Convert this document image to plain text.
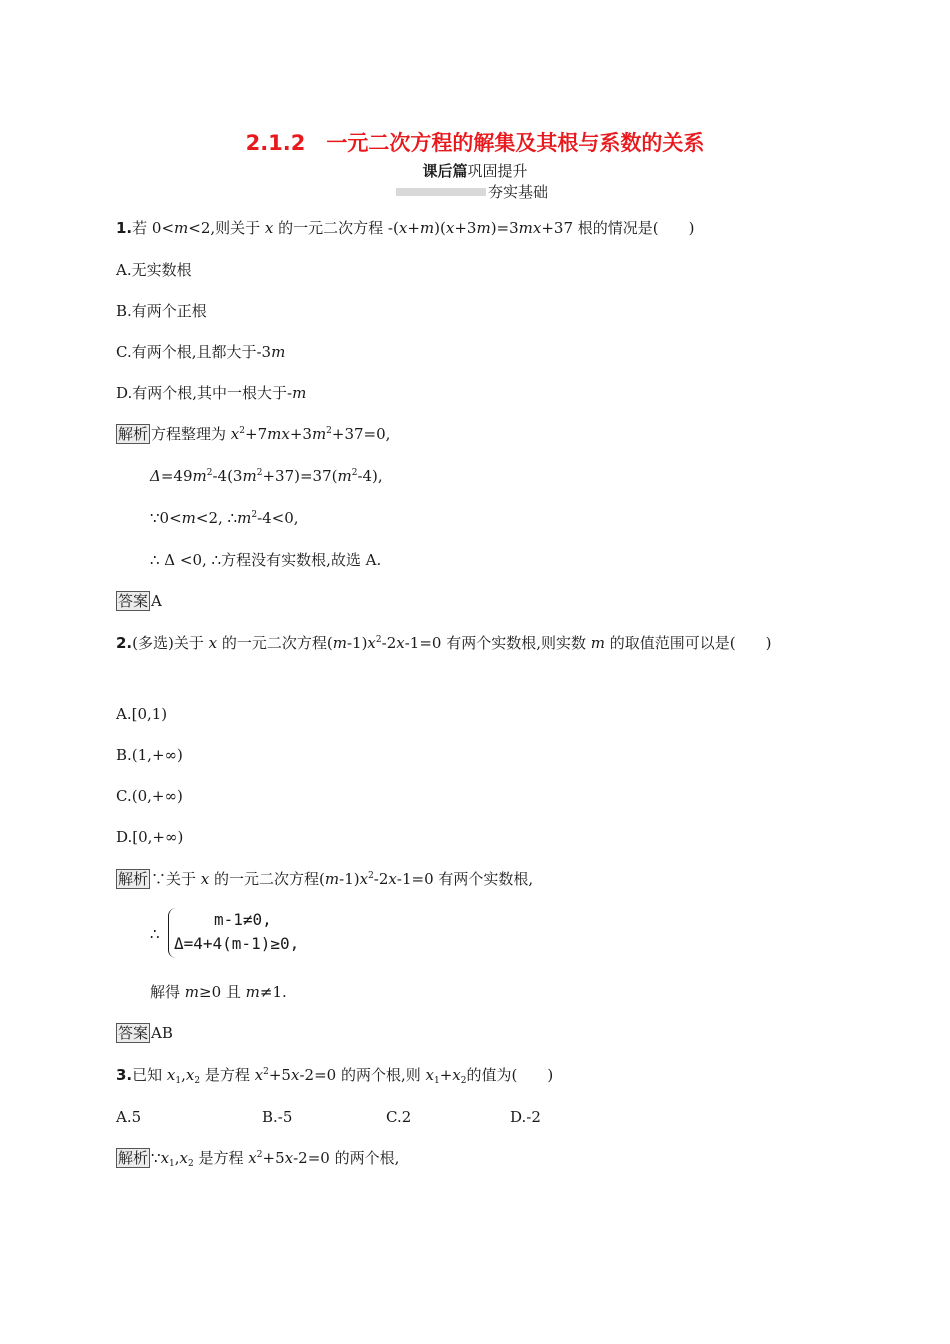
2.1.2　一元二次方程的解集及其根与系数的关系
课后篇巩固提升
夯实基础
1.若 0<m<2,则关于 x 的一元二次方程 -(x+m)(x+3m)=3mx+37 根的情况是(　　)
A.无实数根
B.有两个正根
C.有两个根,且都大于-3m
D.有两个根,其中一根大于-m
解析 方程整理为 $x^2+7mx+3m^2+37=0$,
$\Delta=49m^2-4(3m^2+37)=37(m^2-4)$,
∵0<m<2, $\therefore m^2-4<0$,
∴ Δ <0, ∴方程没有实数根,故选 A.
答案 A
2.(多选)关于 x 的一元二次方程$(m-1)x^2-2x-1=0$ 有两个实数根,则实数 m 的取值范围可以是(　　)
A.[0,1)
B.(1,+∞)
C.(0,+∞)
D.[0,+∞)
解析 ∵关于 x 的一元二次方程$(m-1)x^2-2x-1=0$ 有两个实数根,
∴
m-1≠0,
Δ=4+4(m-1)≥0,
解得 m≥0 且 m≠1.
答案 AB
3.已知 $x_1,x_2$ 是方程 $x^2+5x-2=0$ 的两个根,则 $x_1+x_2$的值为(　　)
A.5	B.-5	C.2	D.-2
解析 $\because x_1,x_2$ 是方程 $x^2+5x-2=0$ 的两个根,
